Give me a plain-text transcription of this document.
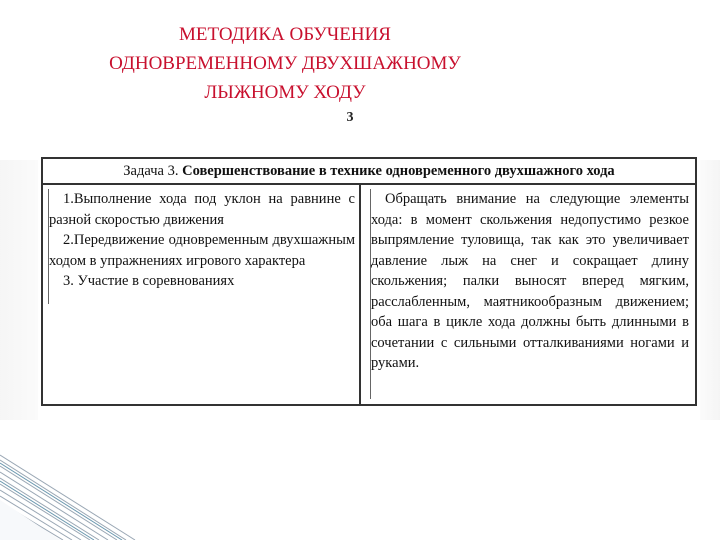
МЕТОДИКА ОБУЧЕНИЯ
ОДНОВРЕМЕННОМУ ДВУХШАЖНОМУ
ЛЫЖНОМУ ХОДУ
3
Задача 3. Совершенствование в технике одновременного двухшажного хода

1.Выполнение хода под уклон на равнине с разной скоростью движения

2.Передвижение одновременным двухшажным ходом в упражнениях игрового характера

3. Участие в соревнованиях

Обращать внимание на следующие элементы хода: в момент скольжения недопустимо резкое выпрямление туловища, так как это увеличивает давление лыж на снег и сокращает длину скольжения; палки выносят вперед мягким, расслабленным, маятникообразным движением; оба шага в цикле хода должны быть длинными в сочетании с сильными отталкиваниями ногами и руками.
